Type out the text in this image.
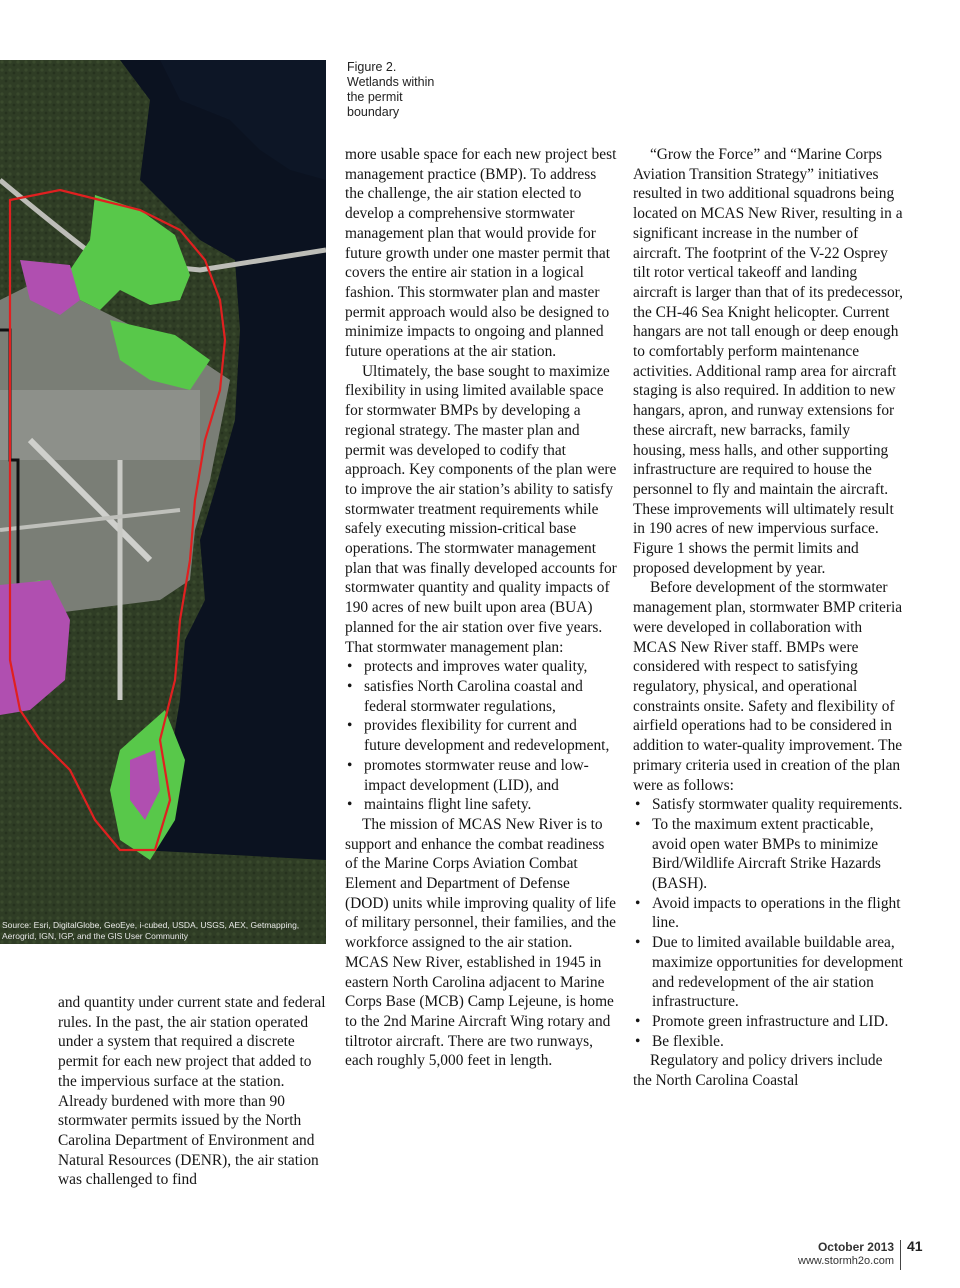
Source: Esri, DigitalGlobe, GeoEye, i-cubed, USDA, USGS, AEX, Getmapping, Aerogrid, IGN, IGP, and the GIS User Community
Figure 2.
Wetlands within
the permit
boundary

and quantity under current state and federal rules. In the past, the air station operated under a system that required a discrete permit for each new project that added to the impervious surface at the station. Already burdened with more than 90 stormwater permits issued by the North Carolina Department of Environment and Natural Resources (DENR), the air station was challenged to find

more usable space for each new project best management practice (BMP). To address the challenge, the air station elected to develop a comprehensive stormwater management plan that would provide for future growth under one master permit that covers the entire air station in a logical fashion. This stormwater plan and master permit approach would also be designed to minimize impacts to ongoing and planned future operations at the air station.

Ultimately, the base sought to maximize flexibility in using limited available space for stormwater BMPs by developing a regional strategy. The master plan and permit was developed to codify that approach. Key components of the plan were to improve the air station’s ability to satisfy stormwater treatment requirements while safely executing mission-critical base operations. The stormwater management plan that was finally developed accounts for stormwater quantity and quality impacts of 190 acres of new built upon area (BUA) planned for the air station over five years. That stormwater management plan:

• protects and improves water quality,
• satisfies North Carolina coastal and federal stormwater regulations,
• provides flexibility for current and future development and redevelopment,
• promotes stormwater reuse and low-impact development (LID), and
• maintains flight line safety.

The mission of MCAS New River is to support and enhance the combat readiness of the Marine Corps Aviation Combat Element and Department of Defense (DOD) units while improving quality of life of military personnel, their families, and the workforce assigned to the air station. MCAS New River, established in 1945 in eastern North Carolina adjacent to Marine Corps Base (MCB) Camp Lejeune, is home to the 2nd Marine Aircraft Wing rotary and tiltrotor aircraft. There are two runways, each roughly 5,000 feet in length.

“Grow the Force” and “Marine Corps Aviation Transition Strategy” initiatives resulted in two additional squadrons being located on MCAS New River, resulting in a significant increase in the number of aircraft. The footprint of the V-22 Osprey tilt rotor vertical takeoff and landing aircraft is larger than that of its predecessor, the CH-46 Sea Knight helicopter. Current hangars are not tall enough or deep enough to comfortably perform maintenance activities. Additional ramp area for aircraft staging is also required. In addition to new hangars, apron, and runway extensions for these aircraft, new barracks, family housing, mess halls, and other supporting infrastructure are required to house the personnel to fly and maintain the aircraft. These improvements will ultimately result in 190 acres of new impervious surface. Figure 1 shows the permit limits and proposed development by year.

Before development of the stormwater management plan, stormwater BMP criteria were developed in collaboration with MCAS New River staff. BMPs were considered with respect to satisfying regulatory, physical, and operational constraints onsite. Safety and flexibility of airfield operations had to be considered in addition to water-quality improvement. The primary criteria used in creation of the plan were as follows:

• Satisfy stormwater quality requirements.
• To the maximum extent practicable, avoid open water BMPs to minimize Bird/Wildlife Aircraft Strike Hazards (BASH).
• Avoid impacts to operations in the flight line.
• Due to limited available buildable area, maximize opportunities for development and redevelopment of the air station infrastructure.
• Promote green infrastructure and LID.
• Be flexible.

Regulatory and policy drivers include the North Carolina Coastal

October 2013
www.stormh2o.com
41
